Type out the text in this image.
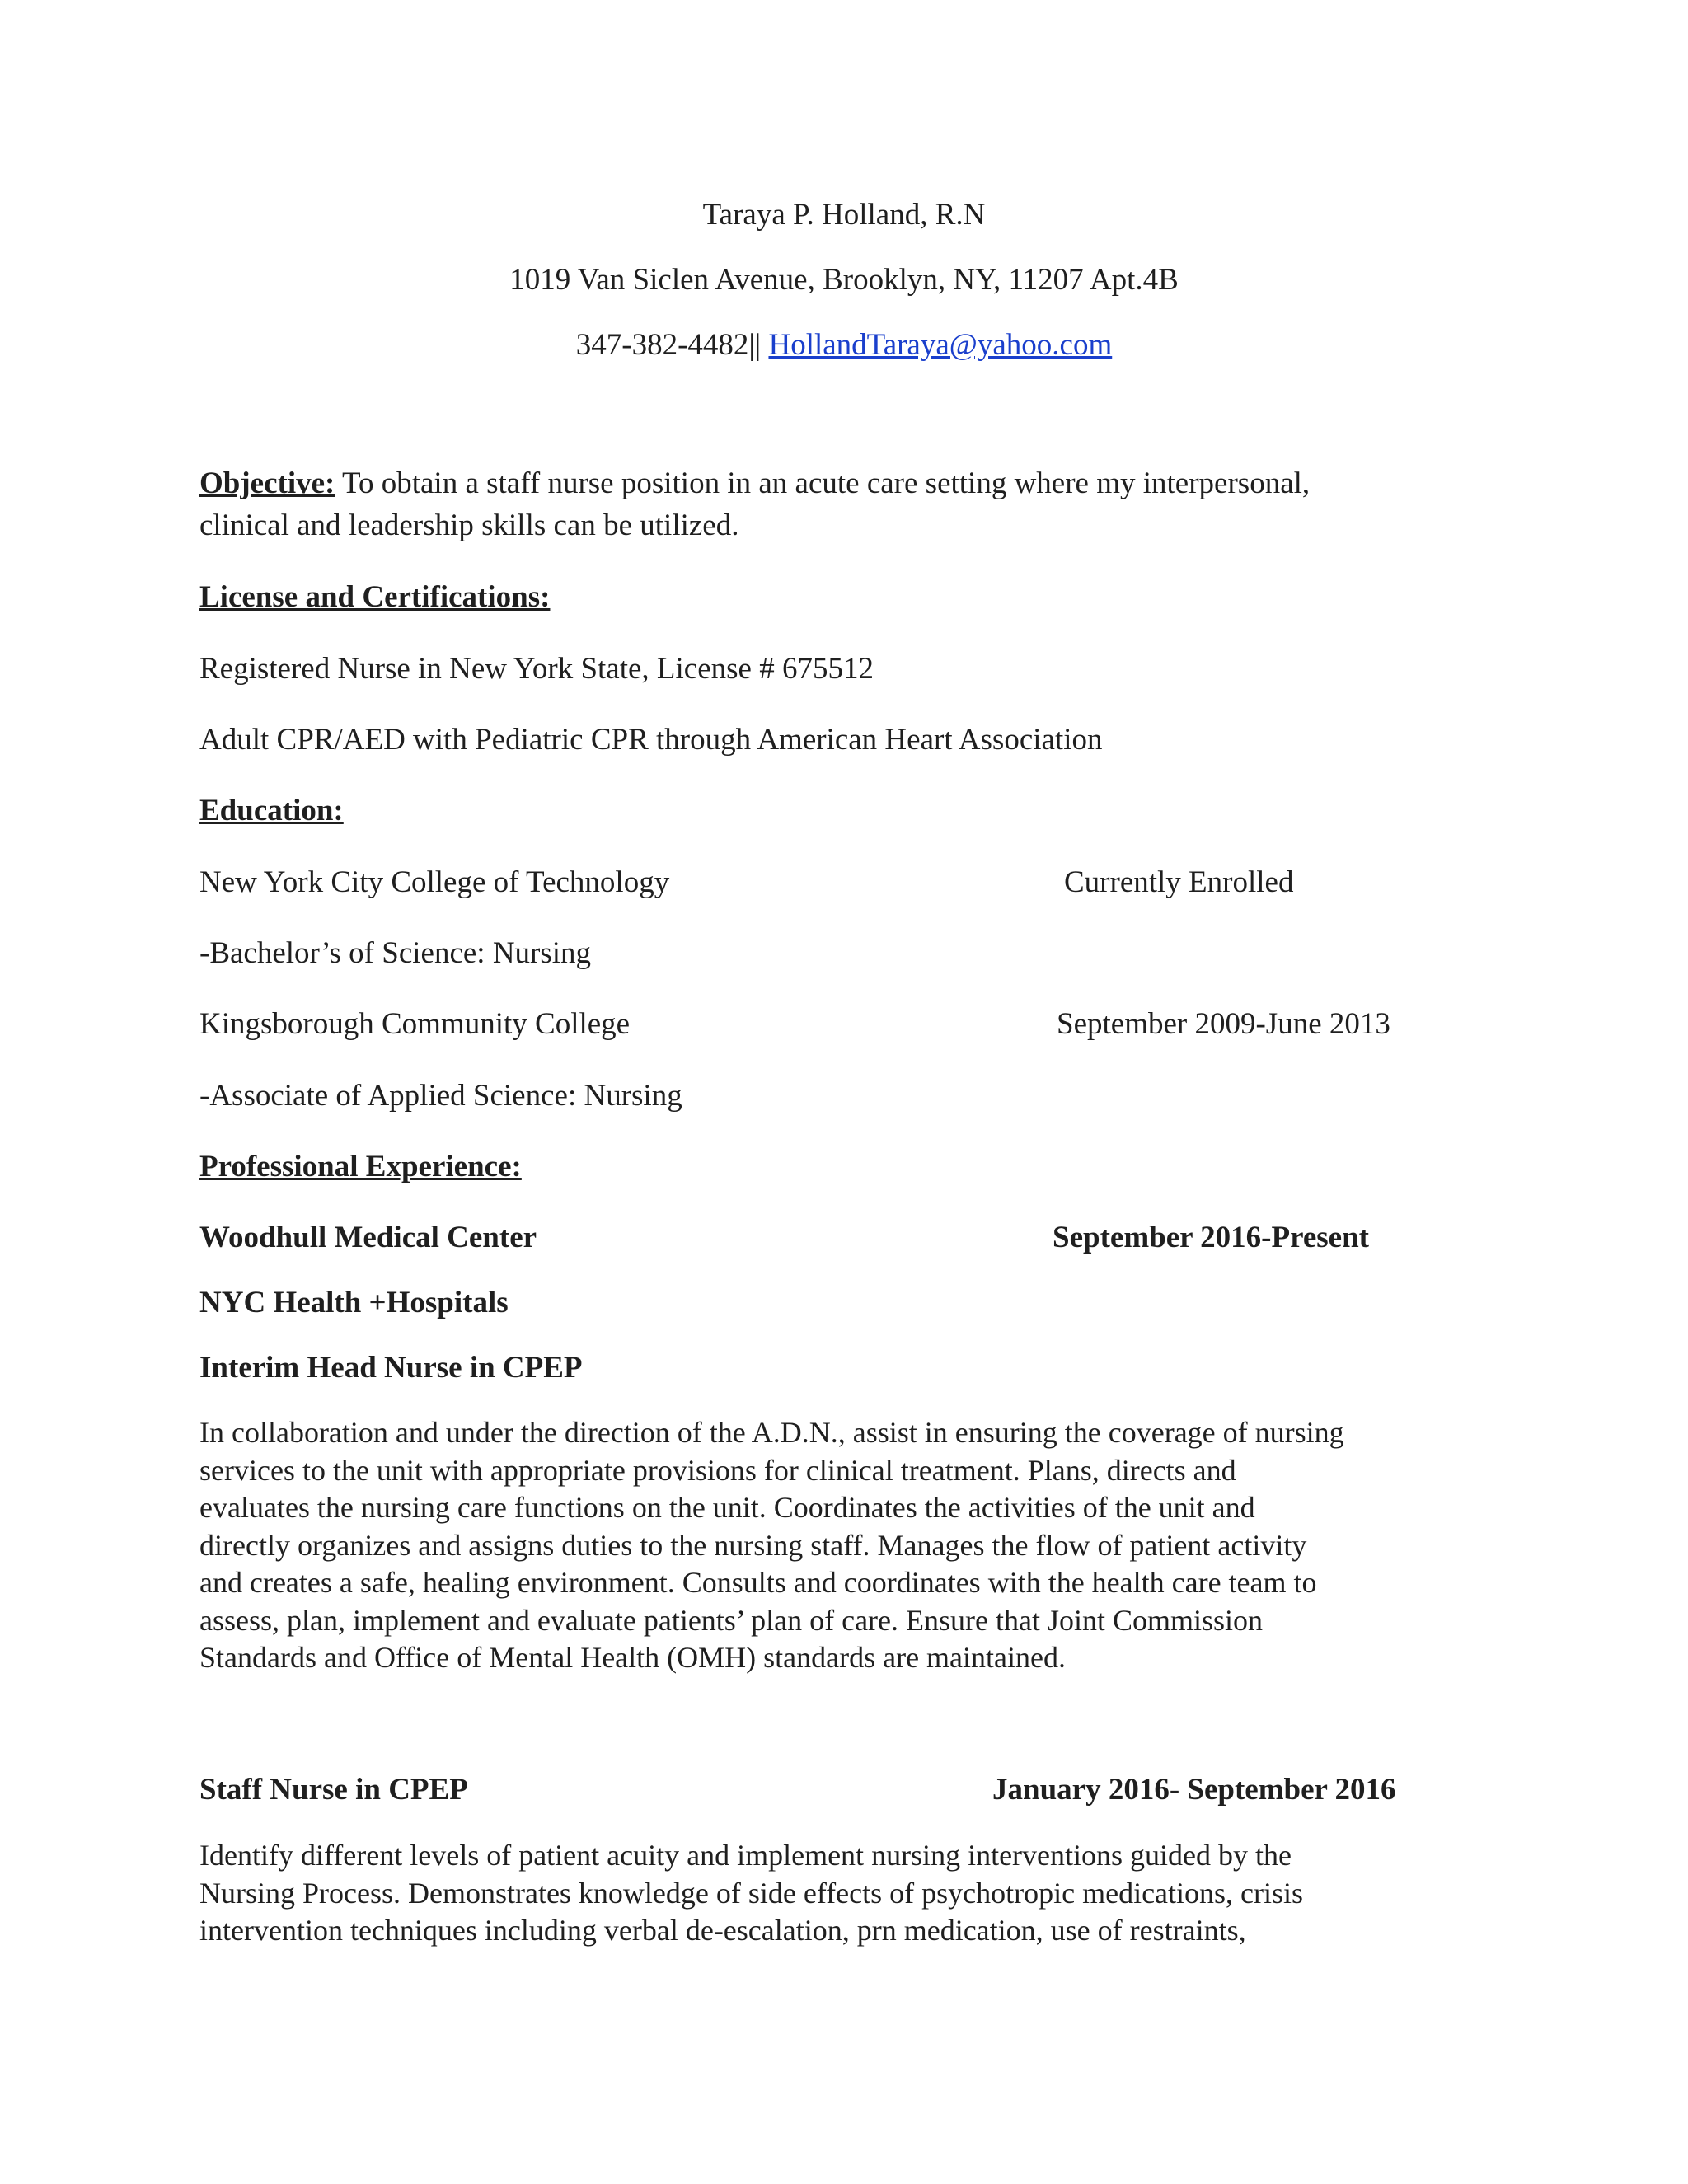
Taraya P. Holland, R.N
1019 Van Siclen Avenue, Brooklyn, NY, 11207 Apt.4B
347-382-4482|| HollandTaraya@yahoo.com
Objective: To obtain a staff nurse position in an acute care setting where my interpersonal,
clinical and leadership skills can be utilized.
License and Certifications:
Registered Nurse in New York State, License # 675512
Adult CPR/AED with Pediatric CPR through American Heart Association
Education:
New York City College of Technology	Currently Enrolled
-Bachelor’s of Science: Nursing
Kingsborough Community College	September 2009-June 2013
-Associate of Applied Science: Nursing
Professional Experience:
Woodhull Medical Center	September 2016-Present
NYC Health +Hospitals
Interim Head Nurse in CPEP
In collaboration and under the direction of the A.D.N., assist in ensuring the coverage of nursing
services to the unit with appropriate provisions for clinical treatment. Plans, directs and
evaluates the nursing care functions on the unit. Coordinates the activities of the unit and
directly organizes and assigns duties to the nursing staff. Manages the flow of patient activity
and creates a safe, healing environment. Consults and coordinates with the health care team to
assess, plan, implement and evaluate patients’ plan of care. Ensure that Joint Commission
Standards and Office of Mental Health (OMH) standards are maintained.
Staff Nurse in CPEP	January 2016- September 2016
Identify different levels of patient acuity and implement nursing interventions guided by the
Nursing Process. Demonstrates knowledge of side effects of psychotropic medications, crisis
intervention techniques including verbal de-escalation, prn medication, use of restraints,
